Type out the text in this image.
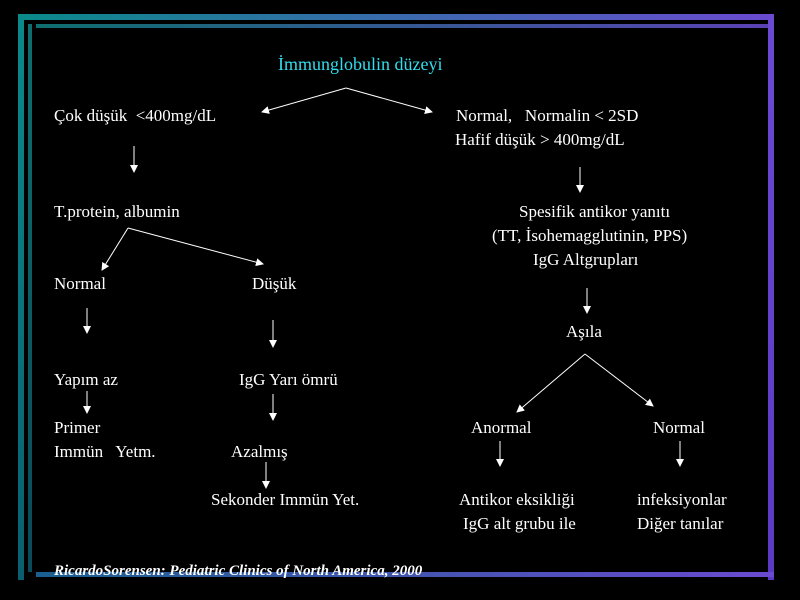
İmmunglobulin düzeyi
Çok düşük  <400mg/dL
T.protein, albumin
Normal	Düşük
Yapım az	IgG Yarı ömrü
Primer
Immün   Yetm.	Azalmış
Sekonder Immün Yet.
Normal,   Normalin < 2SD
Hafif düşük > 400mg/dL
Spesifik antikor yanıtı
(TT, İsohemagglutinin, PPS)
IgG Altgrupları
Aşıla
Anormal	Normal
Antikor eksikliği
IgG alt grubu ile
infeksiyonlar
Diğer tanılar
RicardoSorensen: Pediatric Clinics of North America, 2000
